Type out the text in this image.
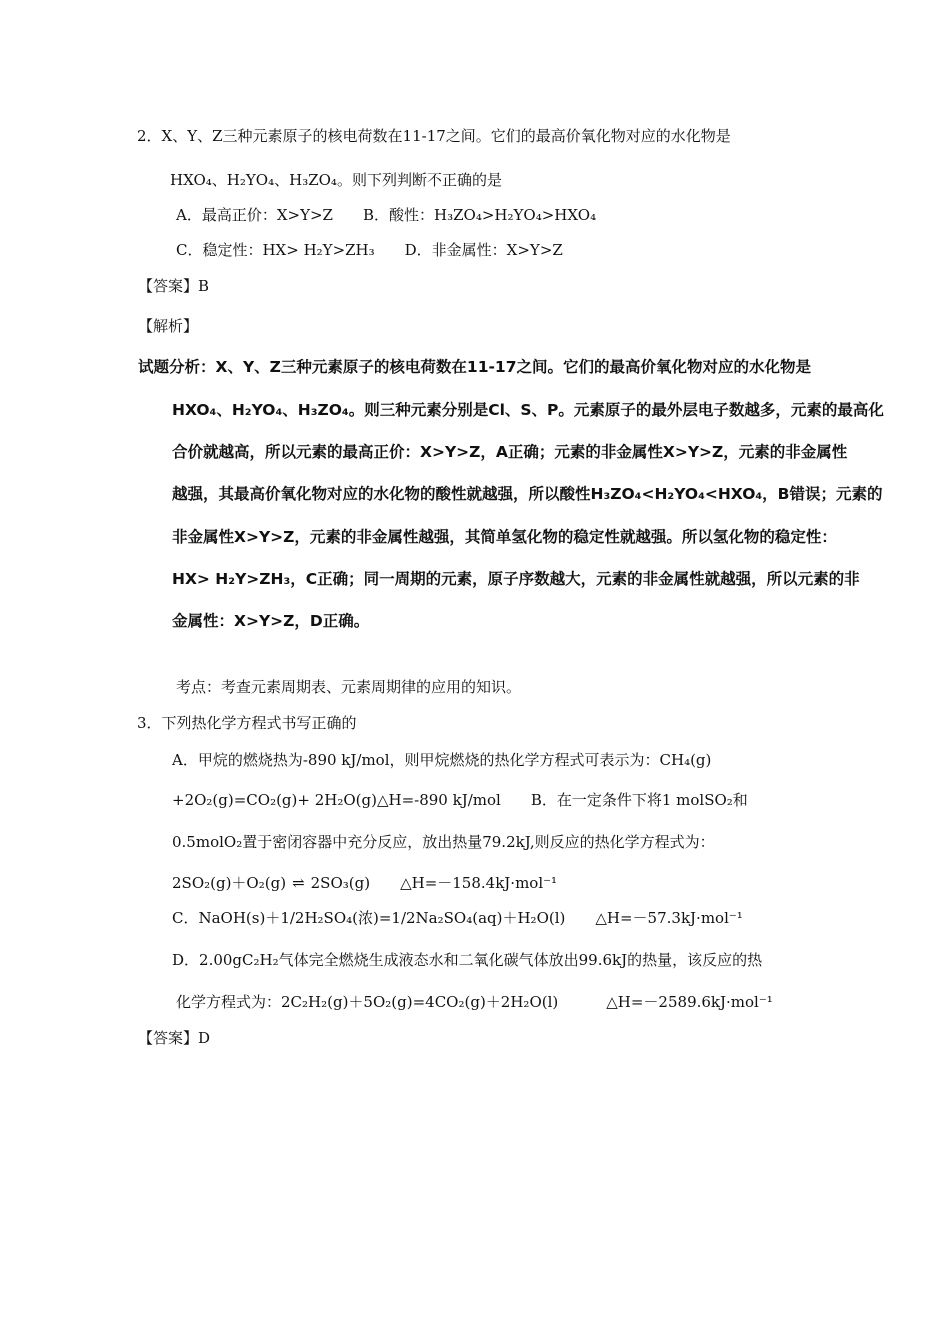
2．X、Y、Z三种元素原子的核电荷数在11-17之间。它们的最高价氧化物对应的水化物是
HXO₄、H₂YO₄、H₃ZO₄。则下列判断不正确的是
A．最高正价：X>Y>Z B．酸性：H₃ZO₄>H₂YO₄>HXO₄
C．稳定性：HX> H₂Y>ZH₃ D．非金属性：X>Y>Z
【答案】B
【解析】
试题分析：X、Y、Z三种元素原子的核电荷数在11-17之间。它们的最高价氧化物对应的水化物是
HXO₄、H₂YO₄、H₃ZO₄。则三种元素分别是Cl、S、P。元素原子的最外层电子数越多，元素的最高化
合价就越高，所以元素的最高正价：X>Y>Z，A正确；元素的非金属性X>Y>Z，元素的非金属性
越强，其最高价氧化物对应的水化物的酸性就越强，所以酸性H₃ZO₄<H₂YO₄<HXO₄，B错误；元素的
非金属性X>Y>Z，元素的非金属性越强，其简单氢化物的稳定性就越强。所以氢化物的稳定性：
HX> H₂Y>ZH₃，C正确；同一周期的元素，原子序数越大，元素的非金属性就越强，所以元素的非
金属性：X>Y>Z，D正确。
考点：考查元素周期表、元素周期律的应用的知识。
3．下列热化学方程式书写正确的
A．甲烷的燃烧热为-890 kJ/mol，则甲烷燃烧的热化学方程式可表示为：CH₄(g)
+2O₂(g)=CO₂(g)+ 2H₂O(g)△H=-890 kJ/mol B．在一定条件下将1 molSO₂和
0.5molO₂置于密闭容器中充分反应，放出热量79.2kJ,则反应的热化学方程式为：
2SO₂(g)＋O₂(g) ⇌ 2SO₃(g) △H=－158.4kJ·mol⁻¹
C．NaOH(s)＋1/2H₂SO₄(浓)=1/2Na₂SO₄(aq)＋H₂O(l) △H=－57.3kJ·mol⁻¹
D．2.00gC₂H₂气体完全燃烧生成液态水和二氧化碳气体放出99.6kJ的热量，该反应的热
化学方程式为：2C₂H₂(g)＋5O₂(g)=4CO₂(g)＋2H₂O(l)	△H=－2589.6kJ·mol⁻¹
【答案】D
